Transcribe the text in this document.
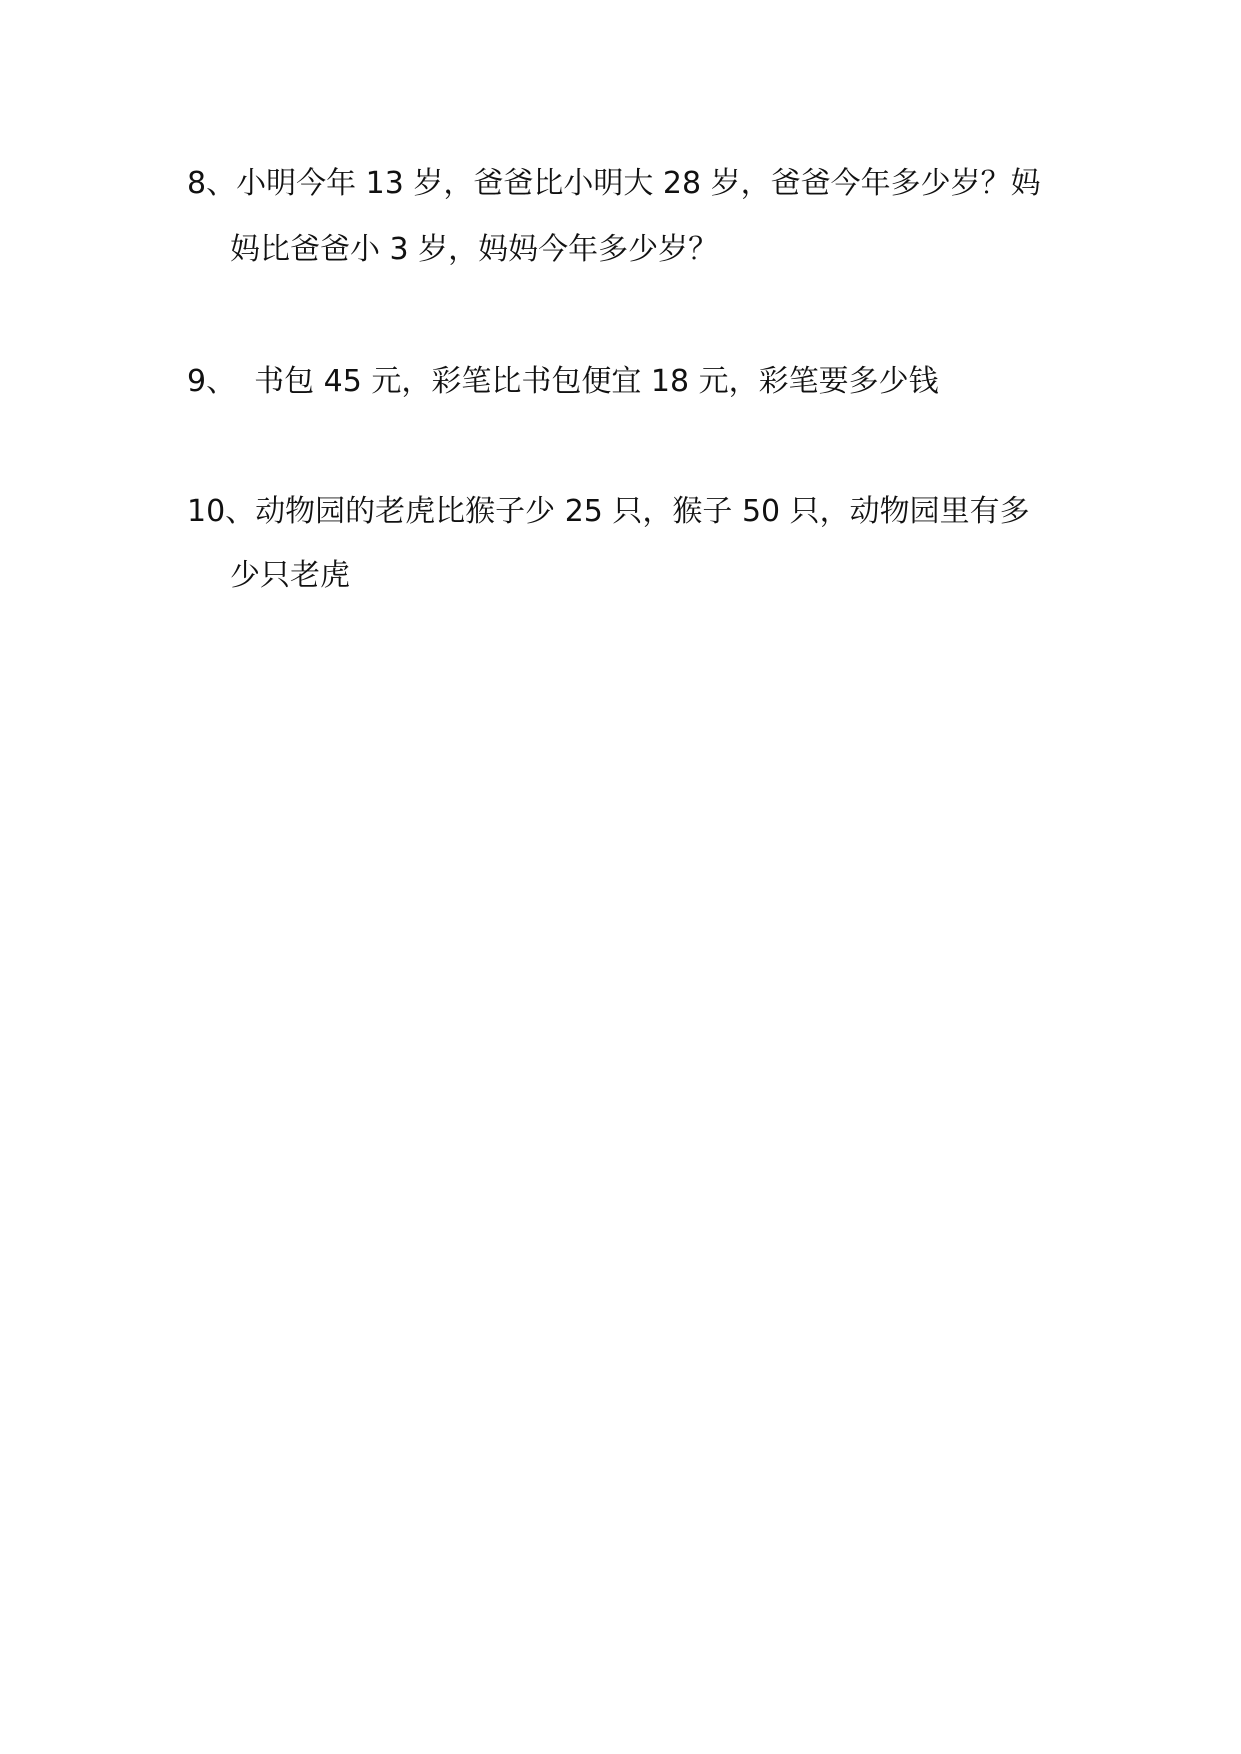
8、小明今年 13 岁，爸爸比小明大 28 岁，爸爸今年多少岁？妈
妈比爸爸小 3 岁，妈妈今年多少岁？
9、 书包 45 元，彩笔比书包便宜 18 元，彩笔要多少钱
10、动物园的老虎比猴子少 25 只，猴子 50 只，动物园里有多
少只老虎
